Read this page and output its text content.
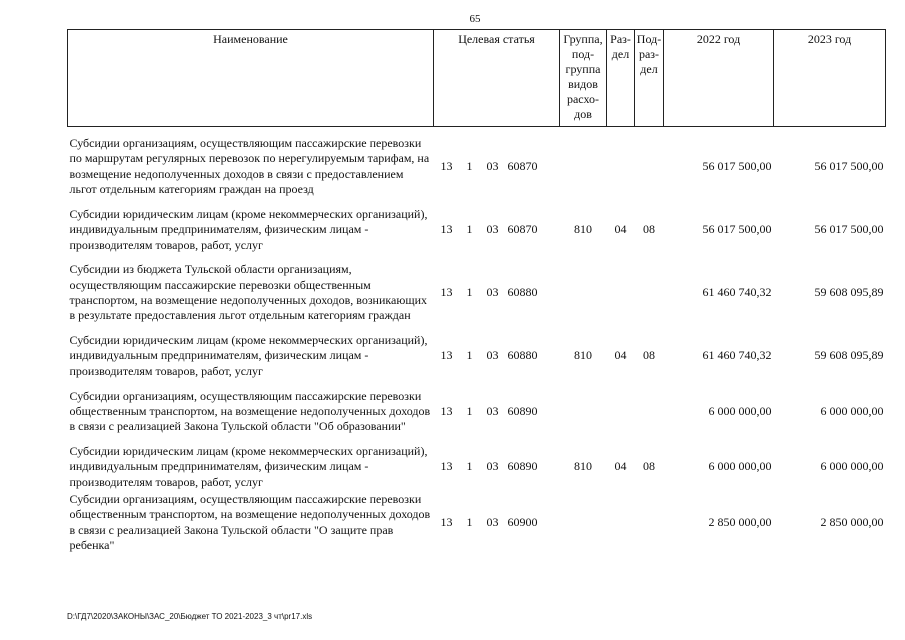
65
Наименование	Целевая статья				Группа, под-группа видов расхо-дов	Раз-дел	Под-раз-дел	2022 год	2023 год
Субсидии организациям, осуществляющим пассажирские перевозки по маршрутам регулярных перевозок по нерегулируемым тарифам, на возмещение недополученных доходов в связи с предоставлением льгот отдельным категориям граждан на проезд	13	1	03	60870				56 017 500,00	56 017 500,00
Субсидии юридическим лицам (кроме некоммерческих организаций), индивидуальным предпринимателям, физическим лицам - производителям товаров, работ, услуг	13	1	03	60870	810	04	08	56 017 500,00	56 017 500,00
Субсидии из бюджета Тульской области организациям, осуществляющим пассажирские перевозки общественным транспортом, на возмещение недополученных доходов, возникающих в результате предоставления льгот отдельным категориям граждан	13	1	03	60880				61 460 740,32	59 608 095,89
Субсидии юридическим лицам (кроме некоммерческих организаций), индивидуальным предпринимателям, физическим лицам - производителям товаров, работ, услуг	13	1	03	60880	810	04	08	61 460 740,32	59 608 095,89
Субсидии организациям, осуществляющим пассажирские перевозки общественным транспортом, на возмещение недополученных доходов в связи с реализацией Закона Тульской области "Об образовании"	13	1	03	60890				6 000 000,00	6 000 000,00
Субсидии юридическим лицам (кроме некоммерческих организаций), индивидуальным предпринимателям, физическим лицам - производителям товаров, работ, услуг	13	1	03	60890	810	04	08	6 000 000,00	6 000 000,00
Субсидии организациям, осуществляющим пассажирские перевозки общественным транспортом, на возмещение недополученных доходов в связи с реализацией Закона Тульской области "О защите прав ребенка"	13	1	03	60900				2 850 000,00	2 850 000,00
D:\ГД7\2020\ЗАКОНЫ\ЗАС_20\Бюджет ТО 2021-2023_3 чт\pr17.xls
